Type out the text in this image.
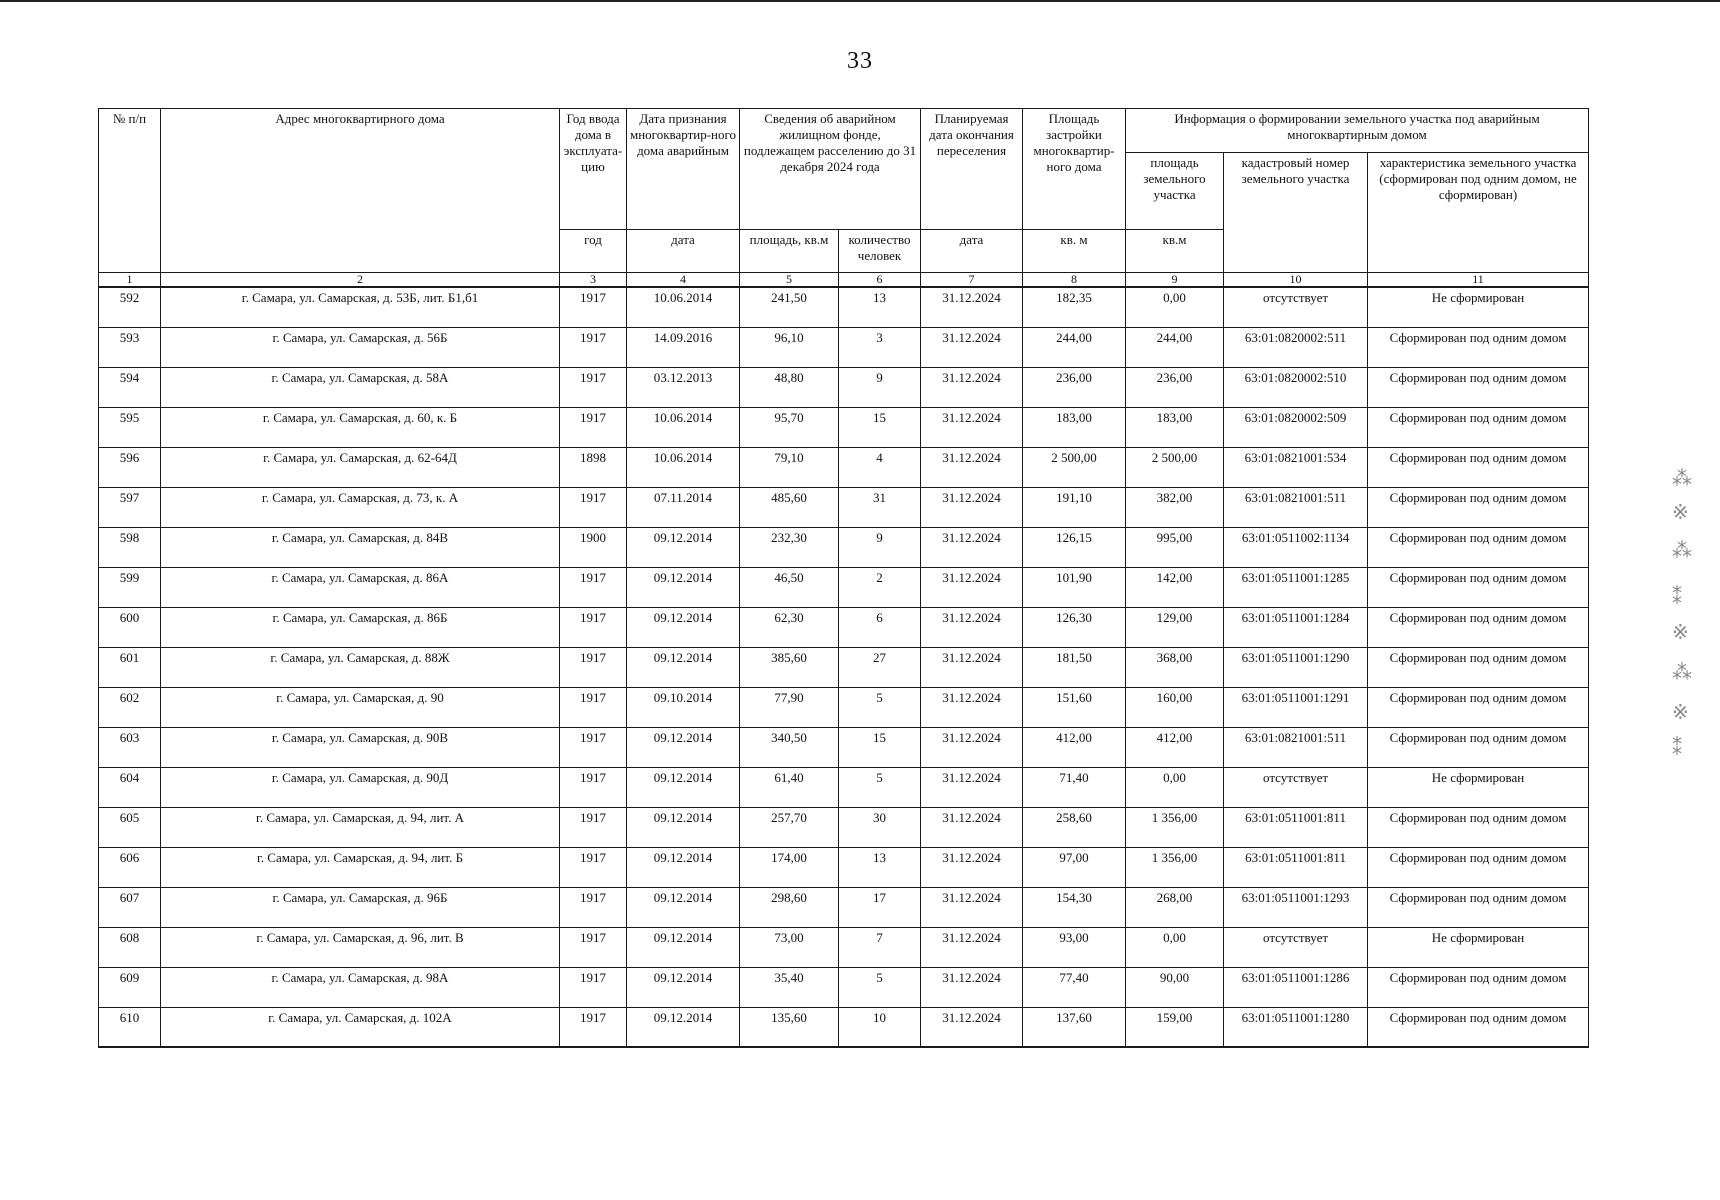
33
№ п/п	Адрес многоквартирного дома	Год ввода дома в эксплуата-цию	Дата признания многоквартир-ного дома аварийным	Сведения об аварийном жилищном фонде, подлежащем расселению до 31 декабря 2024 года		Планируемая дата окончания переселения	Площадь застройки многоквартир-ного дома	Информация о формировании земельного участка под аварийным многоквартирным домом		
								площадь земельного участка	кадастровый номер земельного участка	характеристика земельного участка (сформирован под одним домом, не сформирован)
		год	дата	площадь, кв.м	количество человек	дата	кв. м	кв.м		
1	2	3	4	5	6	7	8	9	10	11
592	г. Самара, ул. Самарская, д. 53Б, лит. Б1,б1	1917	10.06.2014	241,50	13	31.12.2024	182,35	0,00	отсутствует	Не сформирован
593	г. Самара, ул. Самарская, д. 56Б	1917	14.09.2016	96,10	3	31.12.2024	244,00	244,00	63:01:0820002:511	Сформирован под одним домом
594	г. Самара, ул. Самарская, д. 58А	1917	03.12.2013	48,80	9	31.12.2024	236,00	236,00	63:01:0820002:510	Сформирован под одним домом
595	г. Самара, ул. Самарская, д. 60, к. Б	1917	10.06.2014	95,70	15	31.12.2024	183,00	183,00	63:01:0820002:509	Сформирован под одним домом
596	г. Самара, ул. Самарская, д. 62-64Д	1898	10.06.2014	79,10	4	31.12.2024	2 500,00	2 500,00	63:01:0821001:534	Сформирован под одним домом
597	г. Самара, ул. Самарская, д. 73, к. А	1917	07.11.2014	485,60	31	31.12.2024	191,10	382,00	63:01:0821001:511	Сформирован под одним домом
598	г. Самара, ул. Самарская, д. 84В	1900	09.12.2014	232,30	9	31.12.2024	126,15	995,00	63:01:0511002:1134	Сформирован под одним домом
599	г. Самара, ул. Самарская, д. 86А	1917	09.12.2014	46,50	2	31.12.2024	101,90	142,00	63:01:0511001:1285	Сформирован под одним домом
600	г. Самара, ул. Самарская, д. 86Б	1917	09.12.2014	62,30	6	31.12.2024	126,30	129,00	63:01:0511001:1284	Сформирован под одним домом
601	г. Самара, ул. Самарская, д. 88Ж	1917	09.12.2014	385,60	27	31.12.2024	181,50	368,00	63:01:0511001:1290	Сформирован под одним домом
602	г. Самара, ул. Самарская, д. 90	1917	09.10.2014	77,90	5	31.12.2024	151,60	160,00	63:01:0511001:1291	Сформирован под одним домом
603	г. Самара, ул. Самарская, д. 90В	1917	09.12.2014	340,50	15	31.12.2024	412,00	412,00	63:01:0821001:511	Сформирован под одним домом
604	г. Самара, ул. Самарская, д. 90Д	1917	09.12.2014	61,40	5	31.12.2024	71,40	0,00	отсутствует	Не сформирован
605	г. Самара, ул. Самарская, д. 94, лит. А	1917	09.12.2014	257,70	30	31.12.2024	258,60	1 356,00	63:01:0511001:811	Сформирован под одним домом
606	г. Самара, ул. Самарская, д. 94, лит. Б	1917	09.12.2014	174,00	13	31.12.2024	97,00	1 356,00	63:01:0511001:811	Сформирован под одним домом
607	г. Самара, ул. Самарская, д. 96Б	1917	09.12.2014	298,60	17	31.12.2024	154,30	268,00	63:01:0511001:1293	Сформирован под одним домом
608	г. Самара, ул. Самарская, д. 96, лит. В	1917	09.12.2014	73,00	7	31.12.2024	93,00	0,00	отсутствует	Не сформирован
609	г. Самара, ул. Самарская, д. 98А	1917	09.12.2014	35,40	5	31.12.2024	77,40	90,00	63:01:0511001:1286	Сформирован под одним домом
610	г. Самара, ул. Самарская, д. 102А	1917	09.12.2014	135,60	10	31.12.2024	137,60	159,00	63:01:0511001:1280	Сформирован под одним домом
⁂
※
⁂
⁑
※
⁂
※
⁑
